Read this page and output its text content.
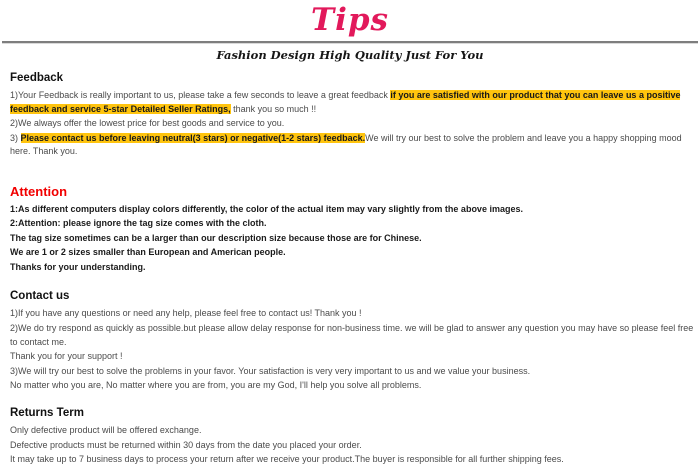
Tips
Fashion Design High Quality Just For You
Feedback

1)Your Feedback is really important to us, please take a few seconds to leave a great feedback if you are satisfied with our product that you can leave us a positive feedback and service 5-star Detailed Seller Ratings, thank you so much !!

2)We always offer the lowest price for best goods and service to you.

3) Please contact us before leaving neutral(3 stars) or negative(1-2 stars) feedback.We will try our best to solve the problem and leave you a happy shopping mood here. Thank you.

Attention

1:As different computers display colors differently, the color of the actual item may vary slightly from the above images.

2:Attention: please ignore the tag size comes with the cloth.

The tag size sometimes can be a larger than our description size because those are for Chinese.

We are 1 or 2 sizes smaller than European and American people.

Thanks for your understanding.

Contact us

1)If you have any questions or need any help, please feel free to contact us! Thank you !

2)We do try respond as quickly as possible.but please allow delay response for non-business time. we will be glad to answer any question you may have so please feel free to contact me.

Thank you for your support !

3)We will try our best to solve the problems in your favor. Your satisfaction is very very important to us and we value your business.

No matter who you are, No matter where you are from, you are my God, I'll help you solve all problems.

Returns Term

Only defective product will be offered exchange.

Defective products must be returned within 30 days from the date you placed your order.

It may take up to 7 business days to process your return after we receive your product.The buyer is responsible for all further shipping fees.
